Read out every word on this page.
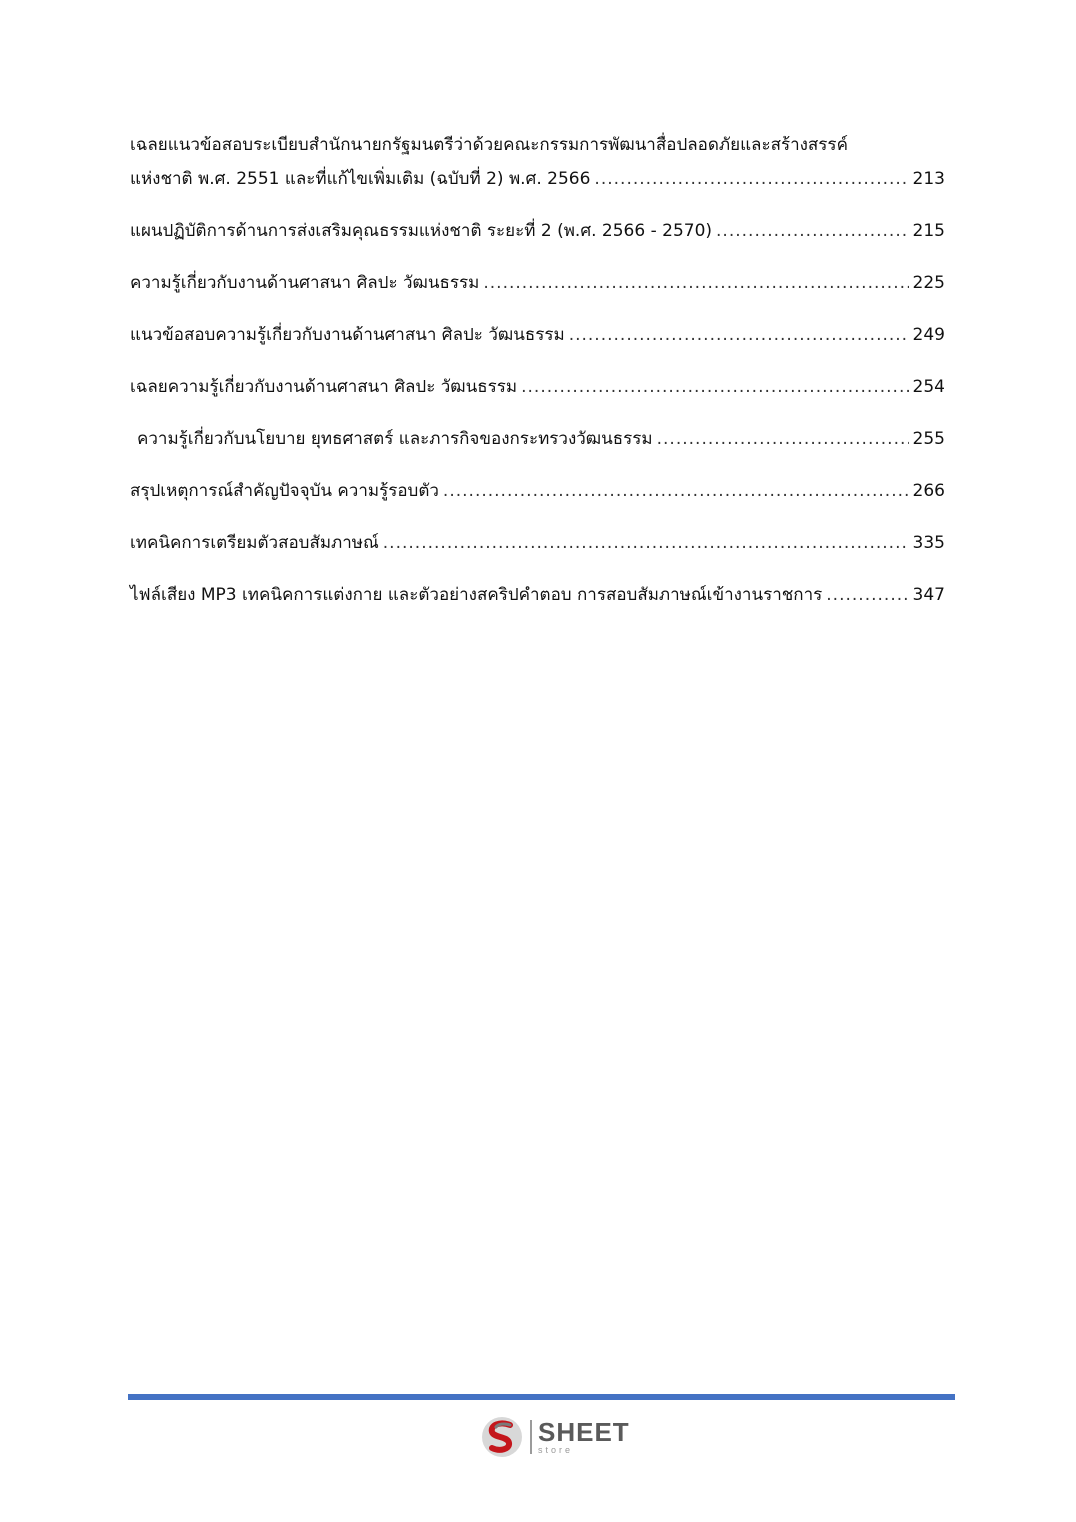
เฉลยแนวข้อสอบระเบียบสำนักนายกรัฐมนตรีว่าด้วยคณะกรรมการพัฒนาสื่อปลอดภัยและสร้างสรรค์
แห่งชาติ พ.ศ. 2551 และที่แก้ไขเพิ่มเติม (ฉบับที่ 2) พ.ศ. 2566 .....	213
แผนปฏิบัติการด้านการส่งเสริมคุณธรรมแห่งชาติ ระยะที่ 2 (พ.ศ. 2566 - 2570) .....	215
ความรู้เกี่ยวกับงานด้านศาสนา ศิลปะ วัฒนธรรม .....	225
แนวข้อสอบความรู้เกี่ยวกับงานด้านศาสนา ศิลปะ วัฒนธรรม .....	249
เฉลยความรู้เกี่ยวกับงานด้านศาสนา ศิลปะ วัฒนธรรม .....	254
ความรู้เกี่ยวกับนโยบาย ยุทธศาสตร์ และภารกิจของกระทรวงวัฒนธรรม .....	255
สรุปเหตุการณ์สำคัญปัจจุบัน ความรู้รอบตัว .....	266
เทคนิคการเตรียมตัวสอบสัมภาษณ์ .....	335
ไฟล์เสียง MP3 เทคนิคการแต่งกาย และตัวอย่างสคริปคำตอบ การสอบสัมภาษณ์เข้างานราชการ .....	347
SHEET
store
